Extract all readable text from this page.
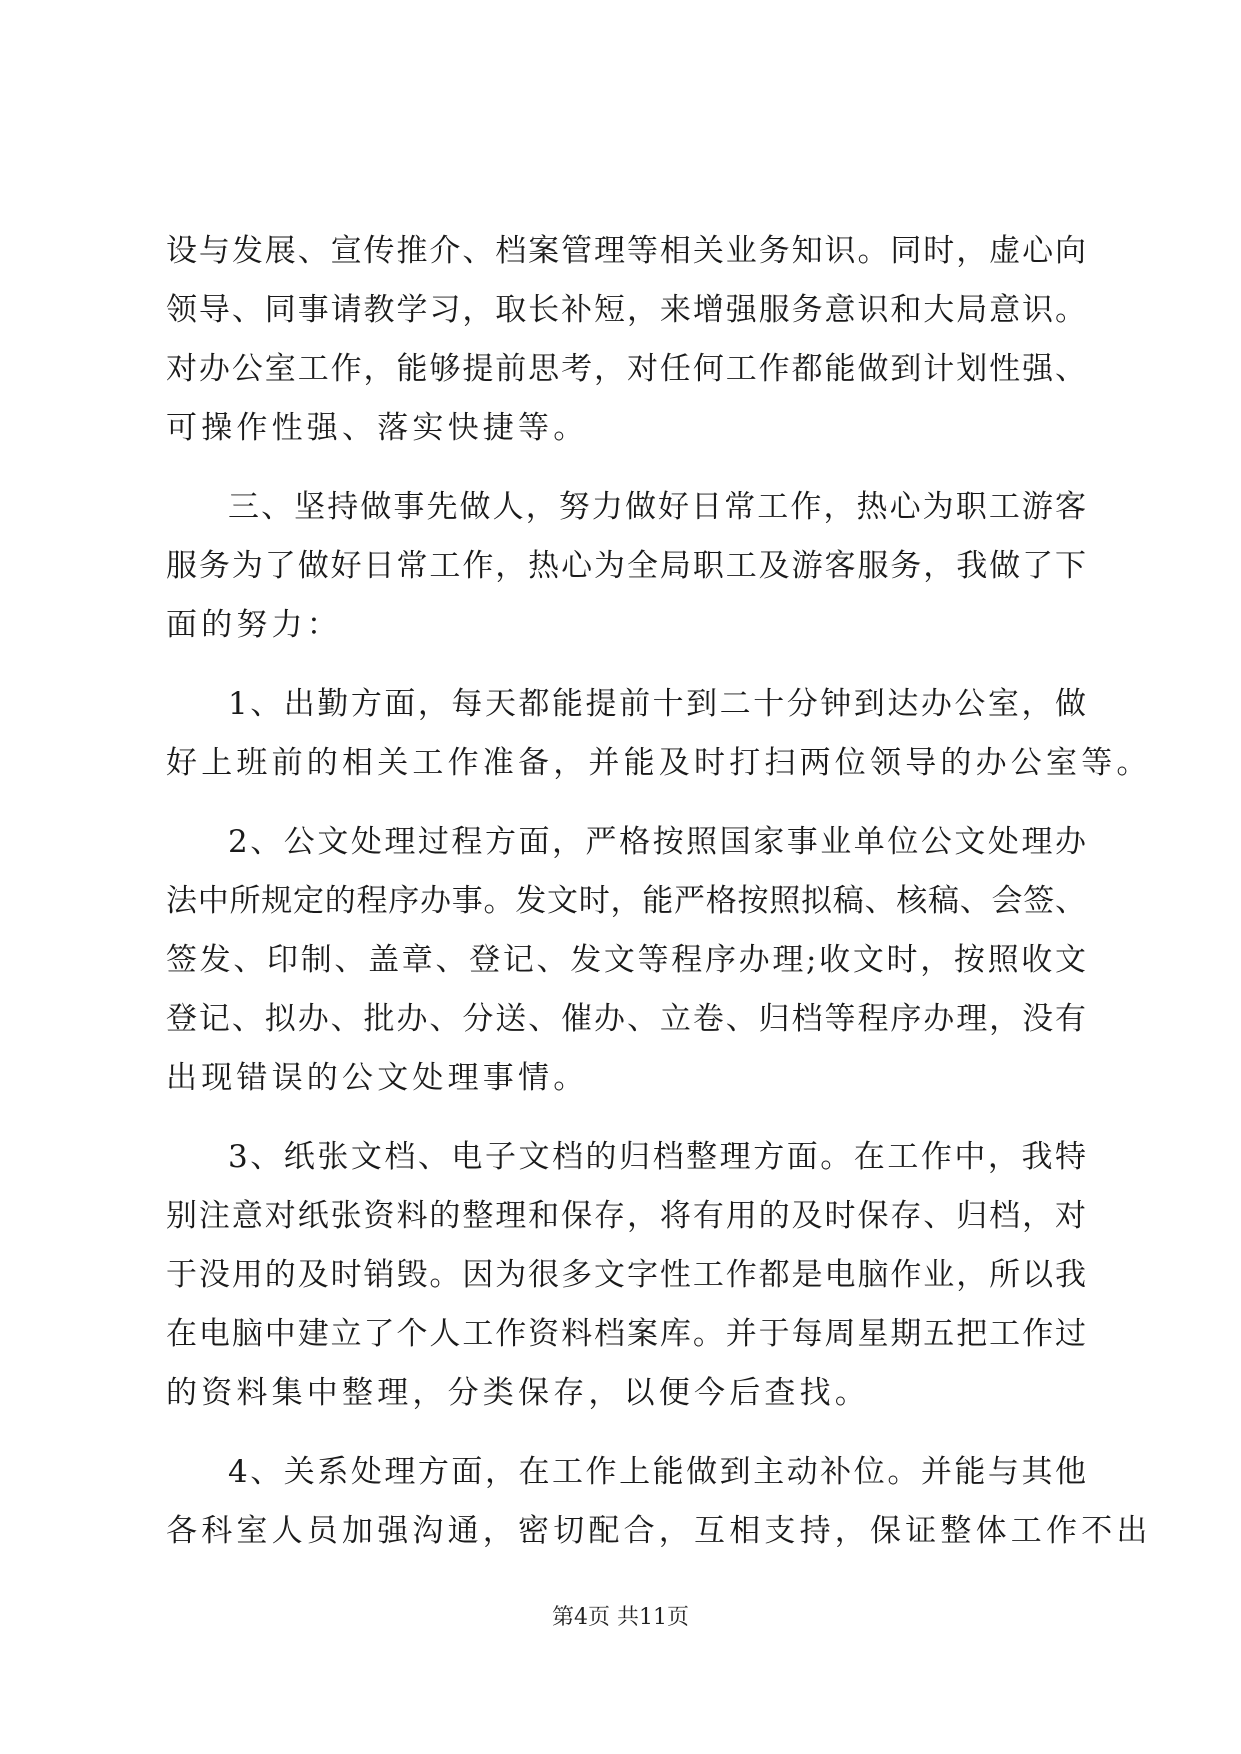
设与发展、宣传推介、档案管理等相关业务知识。同时，虚心向
领导、同事请教学习，取长补短，来增强服务意识和大局意识。
对办公室工作，能够提前思考，对任何工作都能做到计划性强、
可操作性强、落实快捷等。
三、坚持做事先做人，努力做好日常工作，热心为职工游客
服务为了做好日常工作，热心为全局职工及游客服务，我做了下
面的努力：
1、出勤方面，每天都能提前十到二十分钟到达办公室，做
好上班前的相关工作准备，并能及时打扫两位领导的办公室等。
2、公文处理过程方面，严格按照国家事业单位公文处理办
法中所规定的程序办事。发文时，能严格按照拟稿、核稿、会签、
签发、印制、盖章、登记、发文等程序办理;收文时，按照收文
登记、拟办、批办、分送、催办、立卷、归档等程序办理，没有
出现错误的公文处理事情。
3、纸张文档、电子文档的归档整理方面。在工作中，我特
别注意对纸张资料的整理和保存，将有用的及时保存、归档，对
于没用的及时销毁。因为很多文字性工作都是电脑作业，所以我
在电脑中建立了个人工作资料档案库。并于每周星期五把工作过
的资料集中整理，分类保存，以便今后查找。
4、关系处理方面，在工作上能做到主动补位。并能与其他
各科室人员加强沟通，密切配合，互相支持，保证整体工作不出
第4页 共11页
